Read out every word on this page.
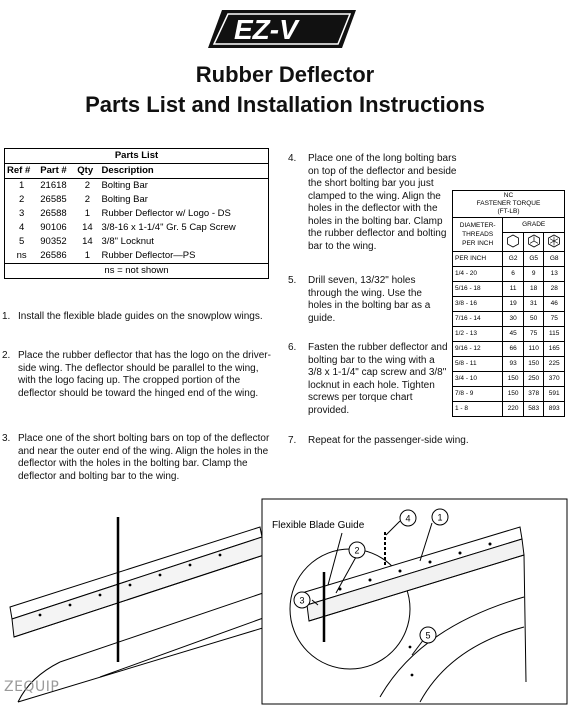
EZ-V
Rubber Deflector
Parts List and Installation Instructions
Parts List			
Ref #	Part #	Qty	Description
1	21618	2	Bolting Bar
2	26585	2	Bolting Bar
3	26588	1	Rubber Deflector w/ Logo - DS
4	90106	14	3/8-16 x 1-1/4" Gr. 5 Cap Screw
5	90352	14	3/8" Locknut
ns	26586	1	Rubber Deflector—PS
ns = not shown			
1. Install the flexible blade guides on the snowplow wings.
2. Place the rubber deflector that has the logo on the driver-side wing. The deflector should be parallel to the wing, with the logo facing up. The cropped portion of the deflector should be toward the hinged end of the wing.
3. Place one of the short bolting bars on top of the deflector and near the outer end of the wing. Align the holes in the deflector with the holes in the bolting bar. Clamp the deflector and bolting bar to the wing.
4.	Place one of the long bolting bars on top of the deflector and beside the short bolting bar you just clamped to the wing. Align the holes in the deflector with the holes in the bolting bar. Clamp the rubber deflector and bolting bar to the wing.
5.	Drill seven, 13/32" holes through the wing. Use the holes in the bolting bar as a guide.
6.	Fasten the rubber deflector and bolting bar to the wing with a 3/8 x 1-1/4" cap screw and 3/8" locknut in each hole. Tighten screws per torque chart provided.
7.	Repeat for the passenger-side wing.
NC
FASTENER TORQUE
(FT-LB)			

DIAMETER-
THREADS
PER INCH	GRADE		

PER INCH	G2	G5	G8
1/4 - 20	6	9	13
5/16 - 18	11	18	28
3/8 - 16	19	31	46
7/16 - 14	30	50	75
1/2 - 13	45	75	115
9/16 - 12	66	110	165
5/8 - 11	93	150	225
3/4 - 10	150	250	370
7/8 - 9	150	378	591
1 - 8	220	583	893
Flexible Blade Guide
1
2
3
4
5
ZEQUIP
